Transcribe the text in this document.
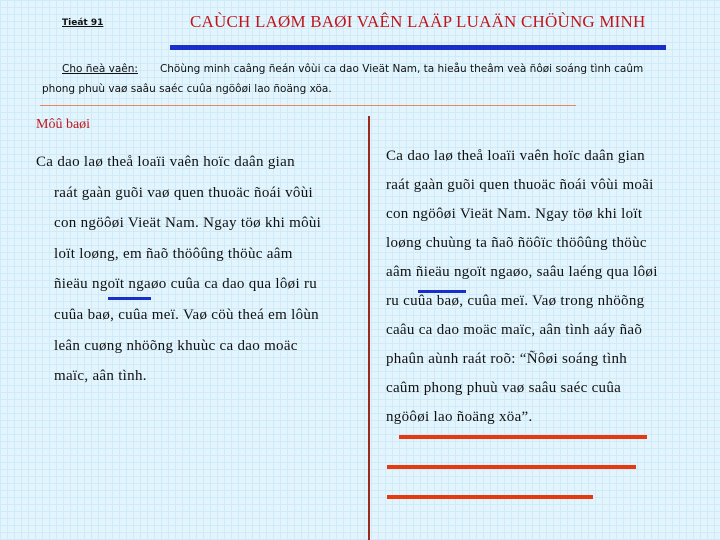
Tieát 91	CAÙCH LAØM BAØI VAÊN LAÄP LUAÄN CHÖÙNG MINH
Cho ñeà vaên: Chöùng minh caâng ñeán vôùi ca dao Vieät Nam, ta hieåu theâm veà ñôøi soáng tình caûm
phong phuù vaø saâu saéc cuûa ngöôøi lao ñoäng xöa.
Môû baøi
Ca dao laø theå loaïi vaên hoïc daân gian
raát gaàn guõi vaø quen thuoäc ñoái vôùi
con ngöôøi Vieät Nam. Ngay töø khi môùi
loït loøng, em ñaõ thöôûng thöùc aâm
ñieäu ngoït ngaøo cuûa ca dao qua lôøi ru
cuûa baø, cuûa meï. Vaø cöù theá em lôùn
leân cuøng nhöõng khuùc ca dao moäc
maïc, aân tình.
Ca dao laø theå loaïi vaên hoïc daân gian
raát gaàn guõi quen thuoäc ñoái vôùi moãi
con ngöôøi Vieät Nam. Ngay töø khi loït
loøng chuùng ta ñaõ ñöôïc thöôûng thöùc
aâm ñieäu ngoït ngaøo, saâu laéng qua lôøi
ru cuûa baø, cuûa meï. Vaø trong nhöõng
caâu ca dao moäc maïc, aân tình aáy ñaõ
phaûn aùnh raát roõ: “Ñôøi soáng tình
caûm phong phuù vaø saâu saéc cuûa
ngöôøi lao ñoäng xöa”.
